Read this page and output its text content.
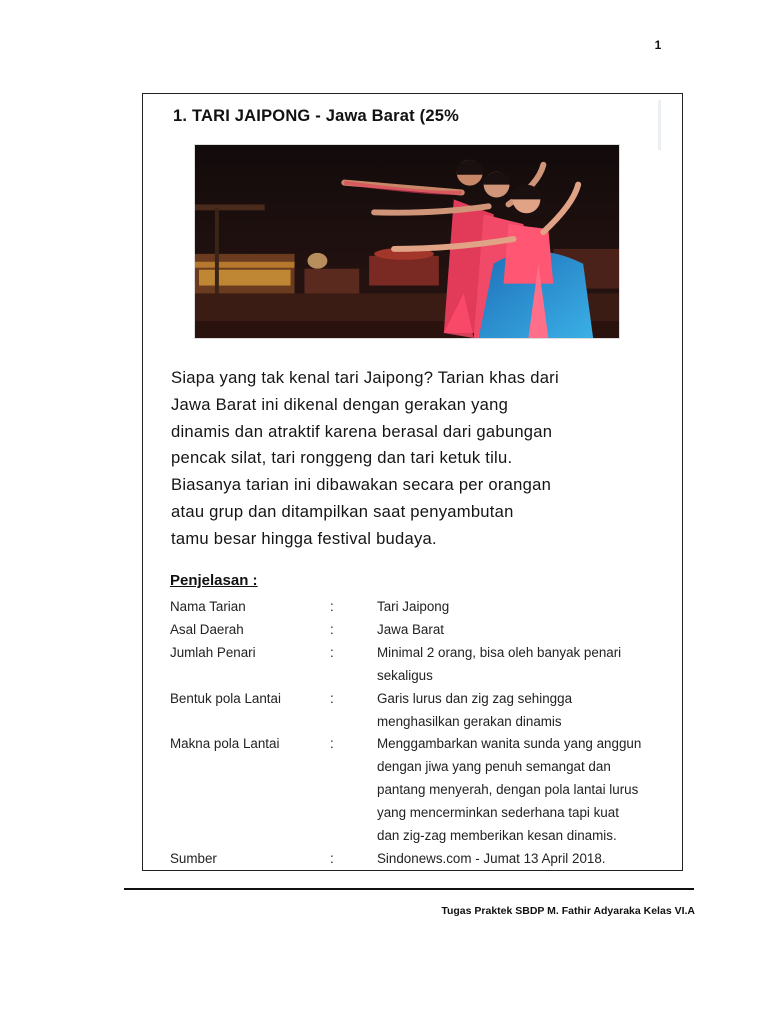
1
1. TARI JAIPONG - Jawa Barat (25%
Siapa yang tak kenal tari Jaipong? Tarian khas dari
Jawa Barat ini dikenal dengan gerakan yang
dinamis dan atraktif karena berasal dari gabungan
pencak silat, tari ronggeng dan tari ketuk tilu.
Biasanya tarian ini dibawakan secara per orangan
atau grup dan ditampilkan saat penyambutan
tamu besar hingga festival budaya.
Penjelasan :
Nama Tarian	:	Tari Jaipong
Asal Daerah	:	Jawa Barat
Jumlah Penari	:	Minimal 2 orang, bisa oleh banyak penari
sekaligus
Bentuk pola Lantai	:	Garis lurus dan zig zag sehingga
menghasilkan gerakan dinamis
Makna pola Lantai	:	Menggambarkan wanita sunda yang anggun
dengan jiwa yang penuh semangat dan
pantang menyerah, dengan pola lantai lurus
yang mencerminkan sederhana tapi kuat
dan zig-zag memberikan kesan dinamis.
Sumber	:	Sindonews.com - Jumat 13 April 2018.
Tugas Praktek SBDP M. Fathir Adyaraka Kelas VI.A
